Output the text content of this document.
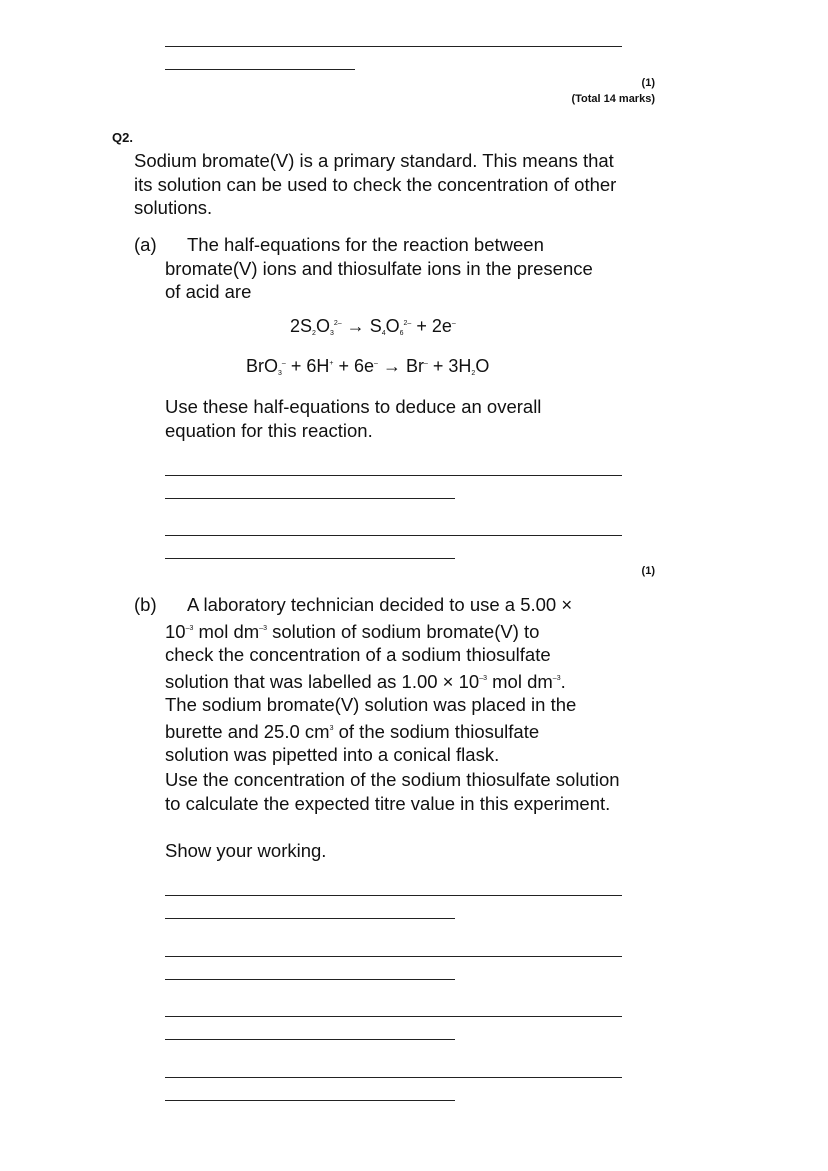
(1)
(Total 14 marks)
Q2.
Sodium bromate(V) is a primary standard. This means that its solution can be used to check the concentration of other solutions.
(a)	The half-equations for the reaction between bromate(V) ions and thiosulfate ions in the presence of acid are
$2S_2O_3^{2-} \to S_4O_6^{2-} + 2e^-$
$BrO_3^- + 6H^+ + 6e^- \to Br^- + 3H_2O$
Use these half-equations to deduce an overall equation for this reaction.
(1)
(b)	A laboratory technician decided to use a 5.00 ×

$10^{-3}$ mol $dm^{-3}$ solution of sodium bromate(V) to

check the concentration of a sodium thiosulfate

solution that was labelled as $1.00 \times 10^{-3}$ mol $dm^{-3}$.

The sodium bromate(V) solution was placed in the

burette and 25.0 $cm^3$ of the sodium thiosulfate

solution was pipetted into a conical flask.

Use the concentration of the sodium thiosulfate solution to calculate the expected titre value in this experiment.
Show your working.
